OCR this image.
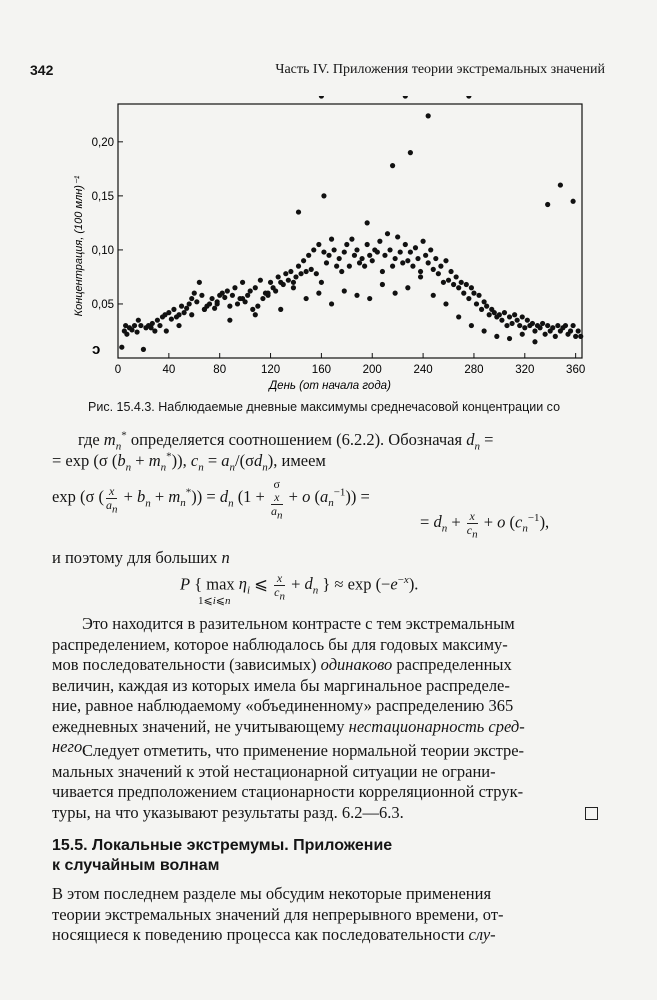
342	Часть IV. Приложения теории экстремальных значений
0	40	80	120	160	200	240	280	320	360
0,05
0,10
0,15
0,20
День (от начала года)
Концентрация, (100 млн)⁻¹
ↄ
Рис. 15.4.3. Наблюдаемые дневные максимумы среднечасовой концентрации со
где $m_n^*$ определяется соотношением (6.2.2). Обозначая $d_n$ =
= exp (σ $(b_n + m_n^*)$), $c_n = a_n/(\sigma d_n)$, имеем
exp (σ ( $\frac{x}{a_n} + b_n + m_n^*)) = d_n$ (1 + σ
x
$a_n + o$ $(a_n^{-1})$) =
= $d_n + \frac{x}{c_n} + o$ $(c_n^{-1})$,
и поэтому для больших n
P { $\max \eta_i$ ⩽ $\frac{x}{c_n} + d_n$ } ≈ $\exp (-e^{-x})$.
1⩽i⩽n
Это находится в разительном контрасте с тем экстремальным
распределением, которое наблюдалось бы для годовых максиму-
мов последовательности (зависимых) одинаково распределенных
величин, каждая из которых имела бы маргинальное распределе-
ние, равное наблюдаемому «объединенному» распределению 365
ежедневных значений, не учитывающему нестационарность сред-
него.
Следует отметить, что применение нормальной теории экстре-
мальных значений к этой нестационарной ситуации не ограни-
чивается предположением стационарности корреляционной струк-
туры, на что указывают результаты разд. 6.2—6.3.
15.5. Локальные экстремумы. Приложение
к случайным волнам
В этом последнем разделе мы обсудим некоторые применения
теории экстремальных значений для непрерывного времени, от-
носящиеся к поведению процесса как последовательности слу-
